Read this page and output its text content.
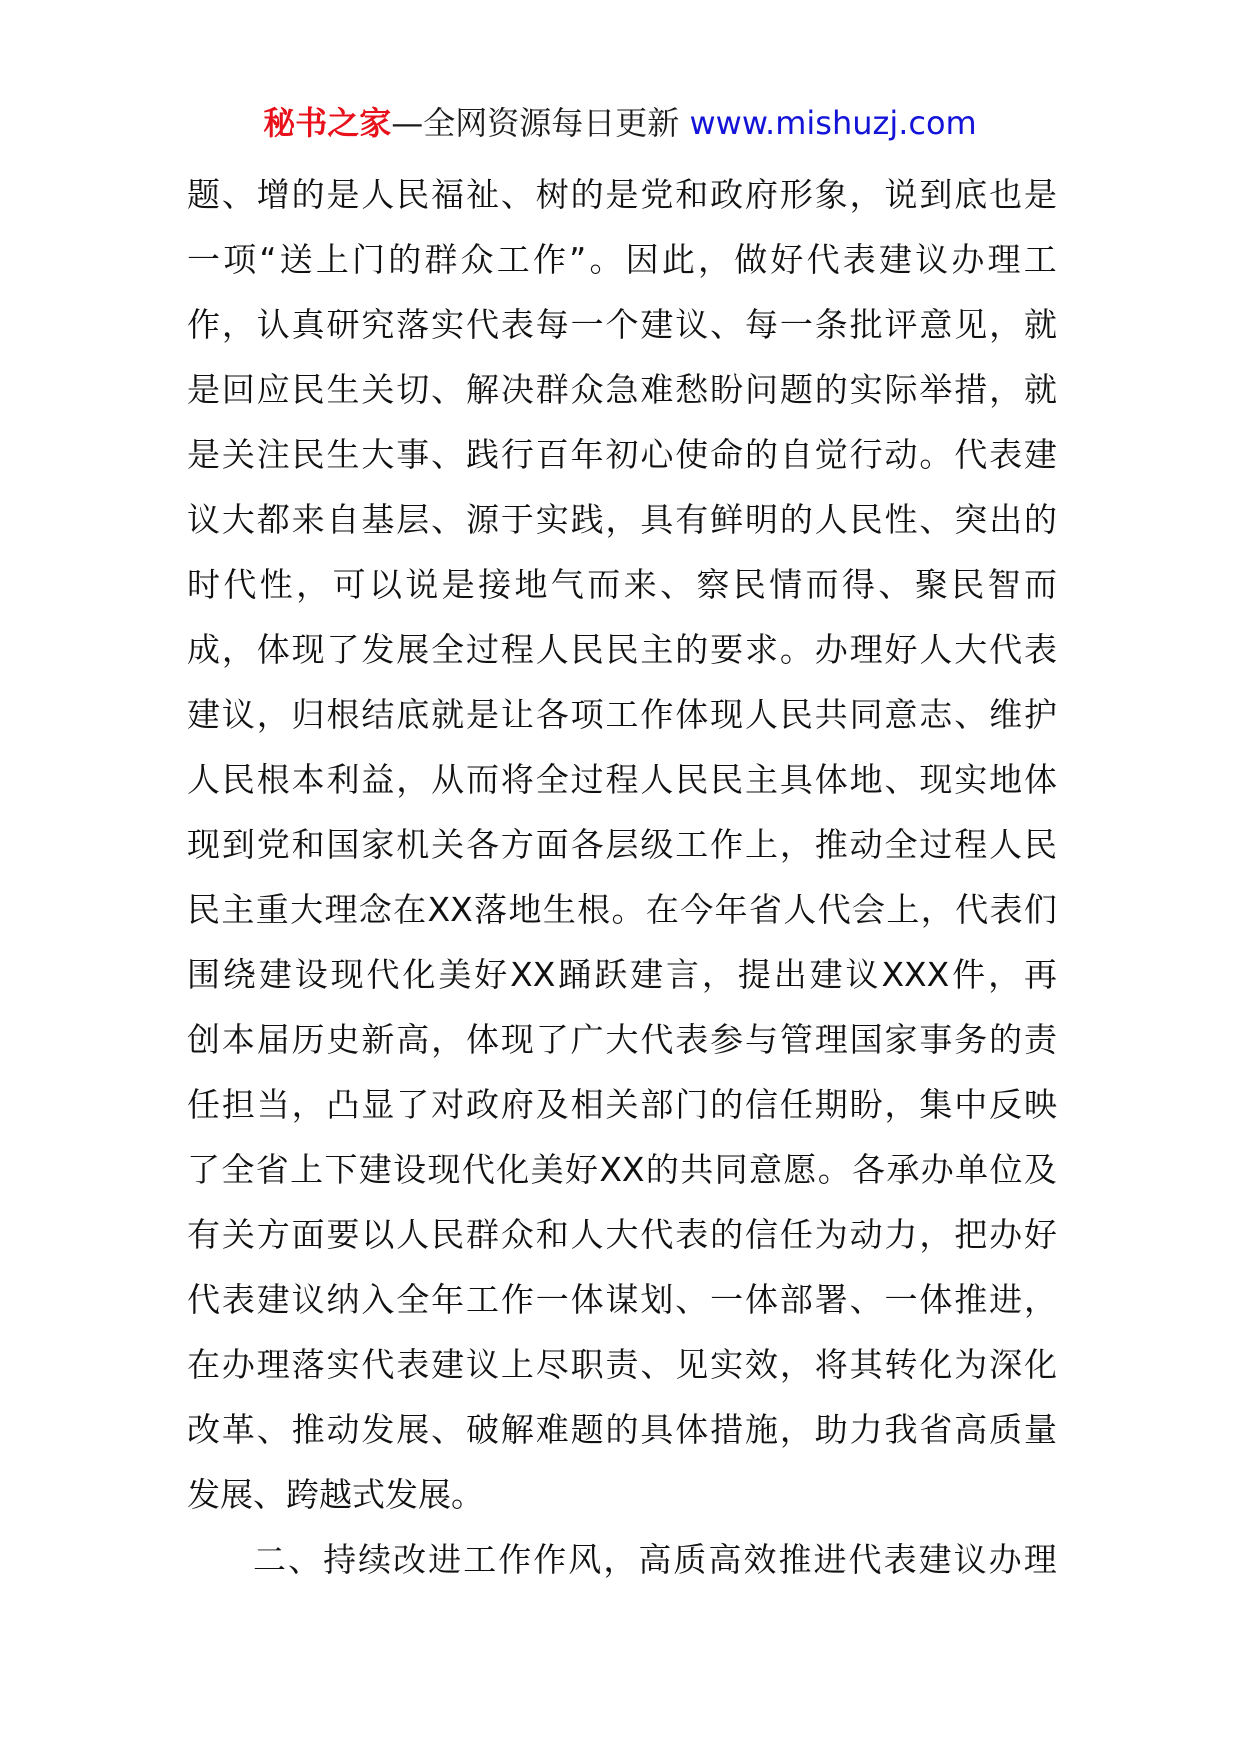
秘书之家—全网资源每日更新 www.mishuzj.com
题 、 增 的 是 人 民 福 祉 、 树 的 是 党 和 政 府 形 象 ， 说 到 底 也 是
一 项 “ 送 上 门 的 群 众 工 作 ” 。 因 此 ， 做 好 代 表 建 议 办 理 工
作 ， 认 真 研 究 落 实 代 表 每 一 个 建 议 、 每 一 条 批 评 意 见 ， 就
是 回 应 民 生 关 切 、 解 决 群 众 急 难 愁 盼 问 题 的 实 际 举 措 ， 就
是 关 注 民 生 大 事 、 践 行 百 年 初 心 使 命 的 自 觉 行 动 。 代 表 建
议 大 都 来 自 基 层 、 源 于 实 践 ， 具 有 鲜 明 的 人 民 性 、 突 出 的
时 代 性 ， 可 以 说 是 接 地 气 而 来 、 察 民 情 而 得 、 聚 民 智 而
成 ， 体 现 了 发 展 全 过 程 人 民 民 主 的 要 求 。 办 理 好 人 大 代 表
建 议 ， 归 根 结 底 就 是 让 各 项 工 作 体 现 人 民 共 同 意 志 、 维 护
人 民 根 本 利 益 ， 从 而 将 全 过 程 人 民 民 主 具 体 地 、 现 实 地 体
现 到 党 和 国 家 机 关 各 方 面 各 层 级 工 作 上 ， 推 动 全 过 程 人 民
民 主 重 大 理 念 在 XX 落 地 生 根 。 在 今 年 省 人 代 会 上 ， 代 表 们
围 绕 建 设 现 代 化 美 好 XX 踊 跃 建 言 ， 提 出 建 议 XXX 件 ， 再
创 本 届 历 史 新 高 ， 体 现 了 广 大 代 表 参 与 管 理 国 家 事 务 的 责
任 担 当 ， 凸 显 了 对 政 府 及 相 关 部 门 的 信 任 期 盼 ， 集 中 反 映
了 全 省 上 下 建 设 现 代 化 美 好 XX 的 共 同 意 愿 。 各 承 办 单 位 及
有 关 方 面 要 以 人 民 群 众 和 人 大 代 表 的 信 任 为 动 力 ， 把 办 好
代 表 建 议 纳 入 全 年 工 作 一 体 谋 划 、 一 体 部 署 、 一 体 推 进 ，
在 办 理 落 实 代 表 建 议 上 尽 职 责 、 见 实 效 ， 将 其 转 化 为 深 化
改 革 、 推 动 发 展 、 破 解 难 题 的 具 体 措 施 ， 助 力 我 省 高 质 量
发 展 、 跨 越 式 发 展 。
二 、 持 续 改 进 工 作 作 风 ， 高 质 高 效 推 进 代 表 建 议 办 理
